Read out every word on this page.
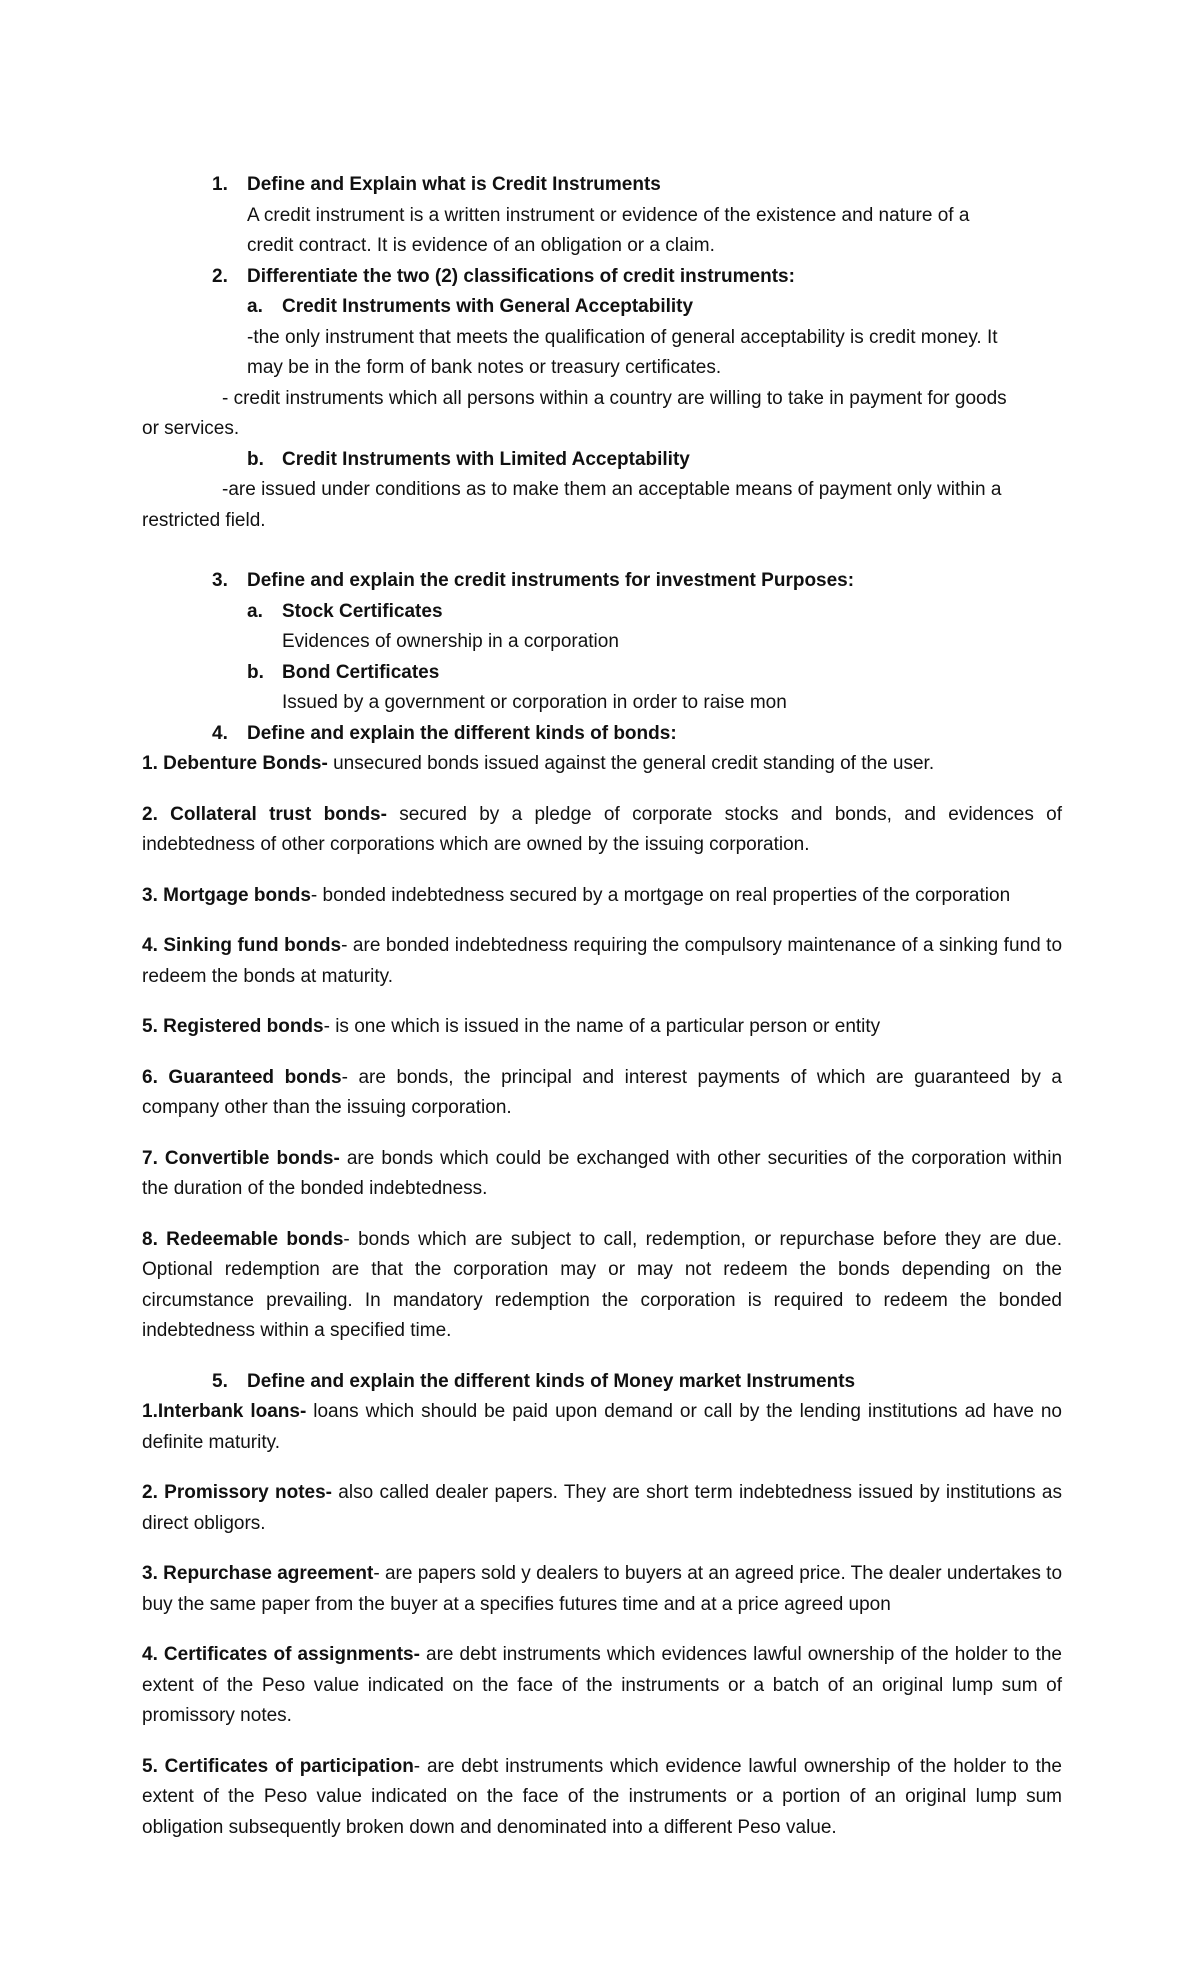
1. Define and Explain what is Credit Instruments
A credit instrument is a written instrument or evidence of the existence and nature of a
credit contract. It is evidence of an obligation or a claim.
2. Differentiate the two (2) classifications of credit instruments:
a. Credit Instruments with General Acceptability
-the only instrument that meets the qualification of general acceptability is credit money. It
may be in the form of bank notes or treasury certificates.
- credit instruments which all persons within a country are willing to take in payment for goods
or services.
b. Credit Instruments with Limited Acceptability
-are issued under conditions as to make them an acceptable means of payment only within a
restricted field.
3. Define and explain the credit instruments for investment Purposes:
a. Stock Certificates
Evidences of ownership in a corporation
b. Bond Certificates
Issued by a government or corporation in order to raise mon
4. Define and explain the different kinds of bonds:

1. Debenture Bonds- unsecured bonds issued against the general credit standing of the user.

2. Collateral trust bonds- secured by a pledge of corporate stocks and bonds, and evidences of indebtedness of other corporations which are owned by the issuing corporation.

3. Mortgage bonds- bonded indebtedness secured by a mortgage on real properties of the corporation

4. Sinking fund bonds- are bonded indebtedness requiring the compulsory maintenance of a sinking fund to redeem the bonds at maturity.

5. Registered bonds- is one which is issued in the name of a particular person or entity

6. Guaranteed bonds- are bonds, the principal and interest payments of which are guaranteed by a company other than the issuing corporation.

7. Convertible bonds- are bonds which could be exchanged with other securities of the corporation within the duration of the bonded indebtedness.

8. Redeemable bonds- bonds which are subject to call, redemption, or repurchase before they are due. Optional redemption are that the corporation may or may not redeem the bonds depending on the circumstance prevailing. In mandatory redemption the corporation is required to redeem the bonded indebtedness within a specified time.

5. Define and explain the different kinds of Money market Instruments

1.Interbank loans- loans which should be paid upon demand or call by the lending institutions ad have no definite maturity.

2. Promissory notes- also called dealer papers. They are short term indebtedness issued by institutions as direct obligors.

3. Repurchase agreement- are papers sold y dealers to buyers at an agreed price. The dealer undertakes to buy the same paper from the buyer at a specifies futures time and at a price agreed upon

4. Certificates of assignments- are debt instruments which evidences lawful ownership of the holder to the extent of the Peso value indicated on the face of the instruments or a batch of an original lump sum of promissory notes.

5. Certificates of participation- are debt instruments which evidence lawful ownership of the holder to the extent of the Peso value indicated on the face of the instruments or a portion of an original lump sum obligation subsequently broken down and denominated into a different Peso value.
